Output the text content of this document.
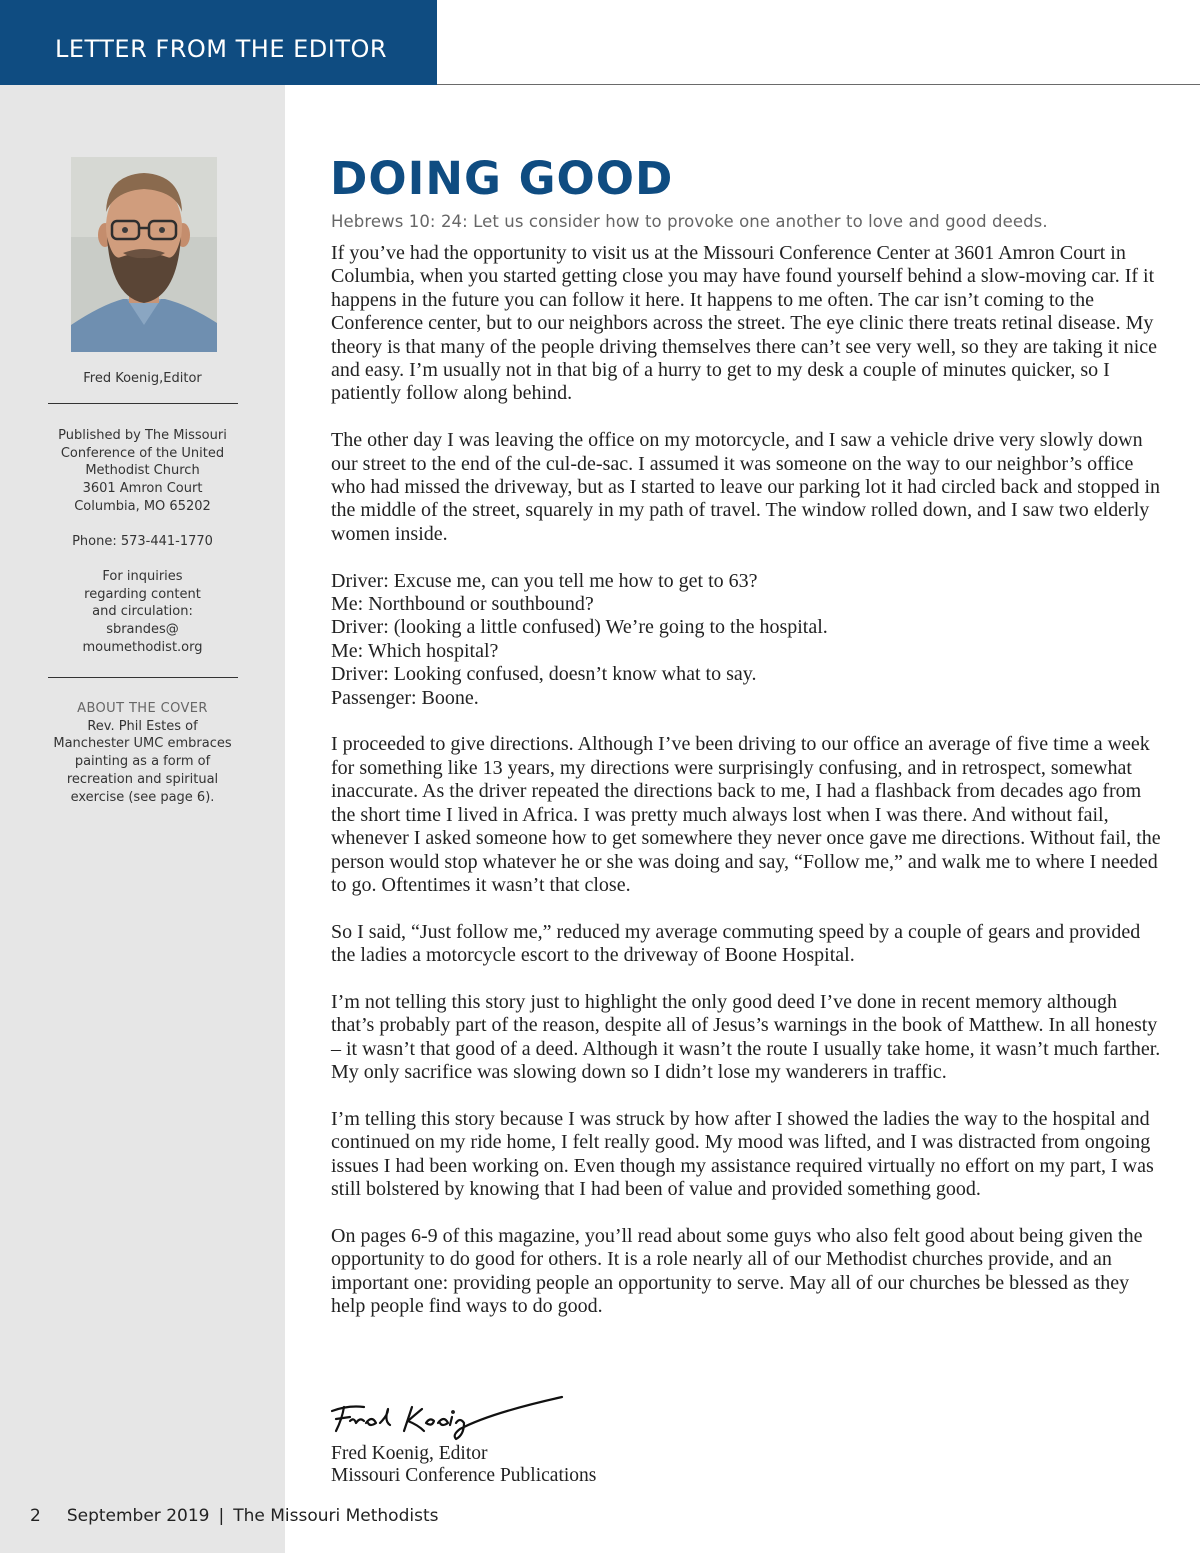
LETTER FROM THE EDITOR
Fred Koenig,Editor
Published by The Missouri
Conference of the United
Methodist Church
3601 Amron Court
Columbia, MO 65202
Phone: 573-441-1770
For inquiries
regarding content
and circulation:
sbrandes@
moumethodist.org
ABOUT THE COVER
Rev. Phil Estes of
Manchester UMC embraces
painting as a form of
recreation and spiritual
exercise (see page 6).
DOING GOOD
Hebrews 10: 24: Let us consider how to provoke one another to love and good deeds.

If you’ve had the opportunity to visit us at the Missouri Conference Center at 3601 Amron Court in Columbia, when you started getting close you may have found yourself behind a slow-moving car. If it happens in the future you can follow it here. It happens to me often. The car isn’t coming to the Conference center, but to our neighbors across the street. The eye clinic there treats retinal disease. My theory is that many of the people driving themselves there can’t see very well, so they are taking it nice and easy. I’m usually not in that big of a hurry to get to my desk a couple of minutes quicker, so I patiently follow along behind.

The other day I was leaving the office on my motorcycle, and I saw a vehicle drive very slowly down our street to the end of the cul-de-sac. I assumed it was someone on the way to our neighbor’s office who had missed the driveway, but as I started to leave our parking lot it had circled back and stopped in the middle of the street, squarely in my path of travel. The window rolled down, and I saw two elderly women inside.

Driver: Excuse me, can you tell me how to get to 63?
Me: Northbound or southbound?
Driver: (looking a little confused) We’re going to the hospital.
Me: Which hospital?
Driver: Looking confused, doesn’t know what to say.
Passenger: Boone.

I proceeded to give directions. Although I’ve been driving to our office an average of five time a week for something like 13 years, my directions were surprisingly confusing, and in retrospect, somewhat inaccurate. As the driver repeated the directions back to me, I had a flashback from decades ago from the short time I lived in Africa. I was pretty much always lost when I was there. And without fail, whenever I asked someone how to get somewhere they never once gave me directions. Without fail, the person would stop whatever he or she was doing and say, “Follow me,” and walk me to where I needed to go. Oftentimes it wasn’t that close.

So I said, “Just follow me,” reduced my average commuting speed by a couple of gears and provided the ladies a motorcycle escort to the driveway of Boone Hospital.

I’m not telling this story just to highlight the only good deed I’ve done in recent memory although that’s probably part of the reason, despite all of Jesus’s warnings in the book of Matthew. In all honesty – it wasn’t that good of a deed. Although it wasn’t the route I usually take home, it wasn’t much farther. My only sacrifice was slowing down so I didn’t lose my wanderers in traffic.

I’m telling this story because I was struck by how after I showed the ladies the way to the hospital and continued on my ride home, I felt really good. My mood was lifted, and I was distracted from ongoing issues I had been working on. Even though my assistance required virtually no effort on my part, I was still bolstered by knowing that I had been of value and provided something good.

On pages 6-9 of this magazine, you’ll read about some guys who also felt good about being given the opportunity to do good for others. It is a role nearly all of our Methodist churches provide, and an important one: providing people an opportunity to serve. May all of our churches be blessed as they help people find ways to do good.

Fred Koenig, Editor
Missouri Conference Publications
2 September 2019 | The Missouri Methodists
